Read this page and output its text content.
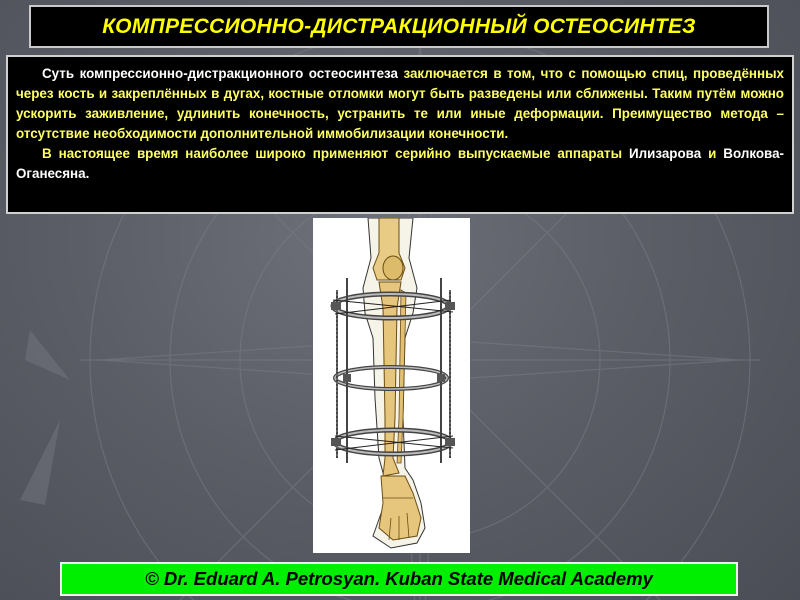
КОМПРЕССИОННО-ДИСТРАКЦИОННЫЙ ОСТЕОСИНТЕЗ

Суть компрессионно-дистракционного остеосинтеза заключается в том, что с помощью спиц, проведённых через кость и закреплённых в дугах, костные отломки могут быть разведены или сближены. Таким путём можно ускорить заживление, удлинить конечность, устранить те или иные деформации. Преимущество метода – отсутствие необходимости дополнительной иммобилизации конечности.

В настоящее время наиболее широко применяют серийно выпускаемые аппараты Илизарова и Волкова-Оганесяна.

© Dr. Eduard A. Petrosyan. Kuban State Medical Academy
